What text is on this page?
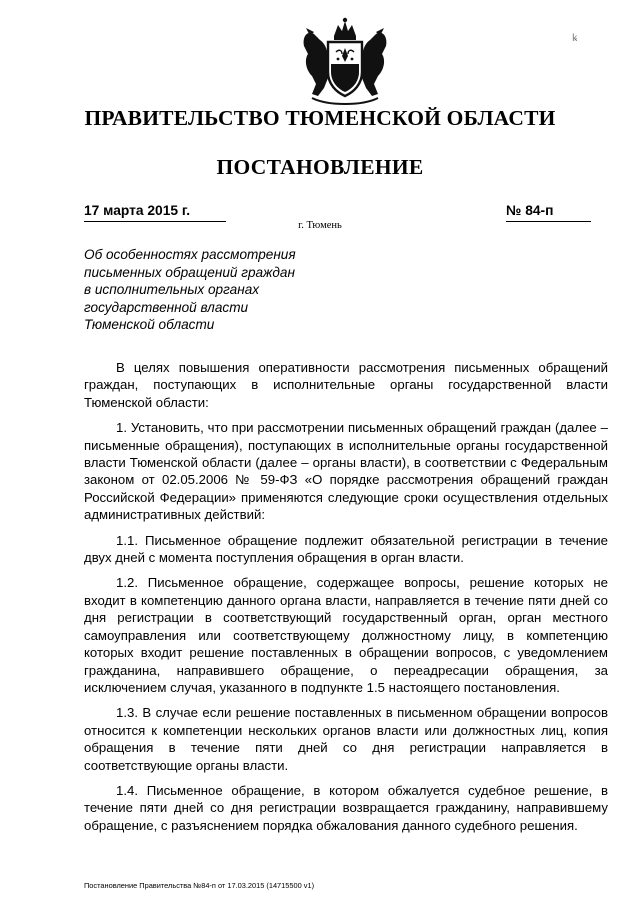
ꝃ
ПРАВИТЕЛЬСТВО ТЮМЕНСКОЙ ОБЛАСТИ
ПОСТАНОВЛЕНИЕ
17 марта 2015 г.	№ 84-п
г. Тюмень
Об особенностях рассмотрения
письменных обращений граждан
в исполнительных органах
государственной власти
Тюменской области

В целях повышения оперативности рассмотрения письменных обращений граждан, поступающих в исполнительные органы государственной власти Тюменской области:

1. Установить, что при рассмотрении письменных обращений граждан (далее – письменные обращения), поступающих в исполнительные органы государственной власти Тюменской области (далее – органы власти), в соответствии с Федеральным законом от 02.05.2006 № 59-ФЗ «О порядке рассмотрения обращений граждан Российской Федерации» применяются следующие сроки осуществления отдельных административных действий:

1.1. Письменное обращение подлежит обязательной регистрации в течение двух дней с момента поступления обращения в орган власти.

1.2. Письменное обращение, содержащее вопросы, решение которых не входит в компетенцию данного органа власти, направляется в течение пяти дней со дня регистрации в соответствующий государственный орган, орган местного самоуправления или соответствующему должностному лицу, в компетенцию которых входит решение поставленных в обращении вопросов, с уведомлением гражданина, направившего обращение, о переадресации обращения, за исключением случая, указанного в подпункте 1.5 настоящего постановления.

1.3. В случае если решение поставленных в письменном обращении вопросов относится к компетенции нескольких органов власти или должностных лиц, копия обращения в течение пяти дней со дня регистрации направляется в соответствующие органы власти.

1.4. Письменное обращение, в котором обжалуется судебное решение, в течение пяти дней со дня регистрации возвращается гражданину, направившему обращение, с разъяснением порядка обжалования данного судебного решения.

Постановление Правительства №84-п от 17.03.2015 (14715500 v1)
